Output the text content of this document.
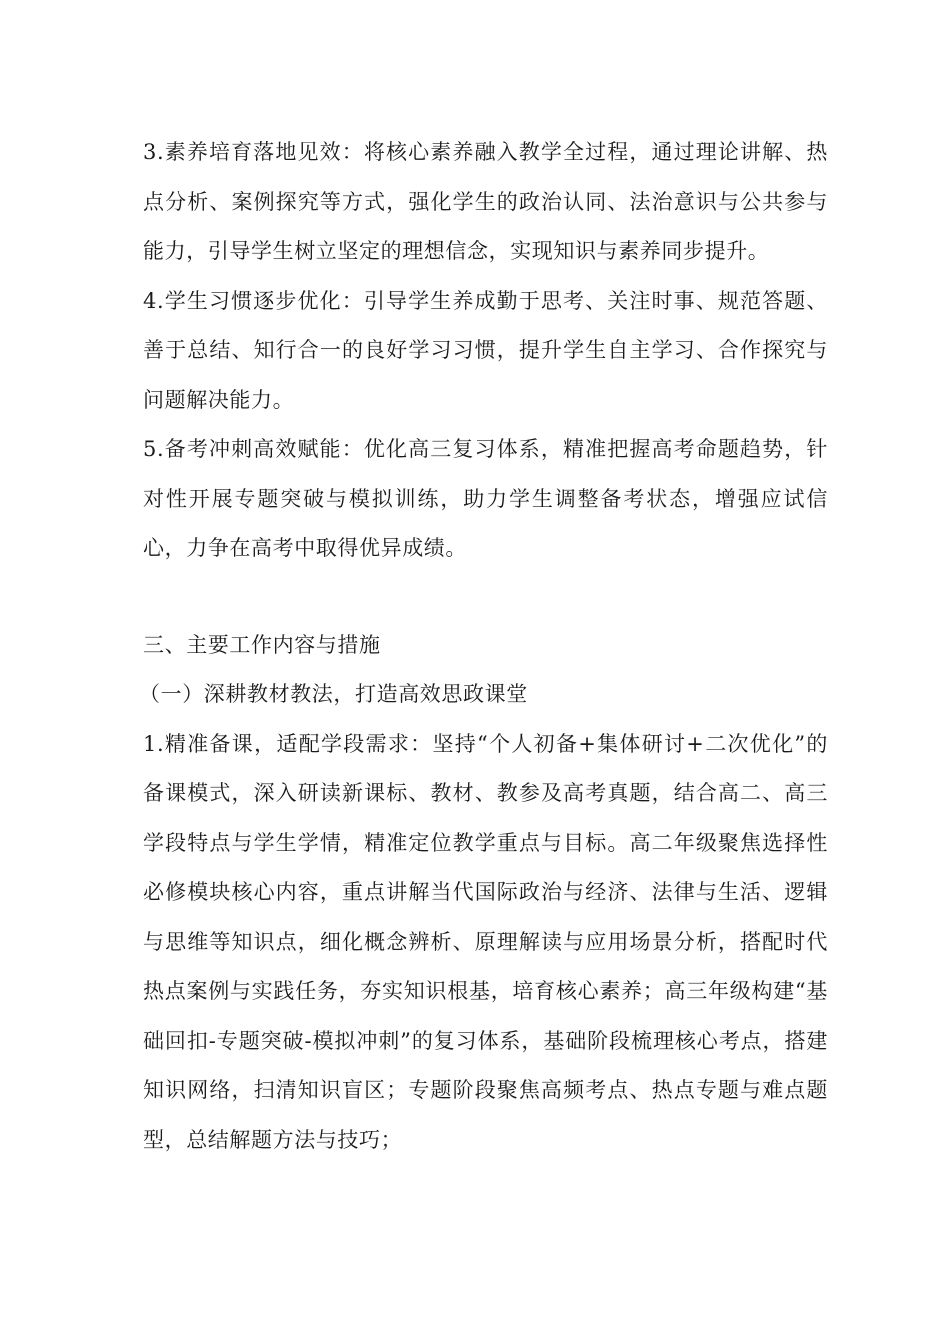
3.素养培育落地见效：将核心素养融入教学全过程，通过理论讲解、热点分析、案例探究等方式，强化学生的政治认同、法治意识与公共参与能力，引导学生树立坚定的理想信念，实现知识与素养同步提升。

4.学生习惯逐步优化：引导学生养成勤于思考、关注时事、规范答题、善于总结、知行合一的良好学习习惯，提升学生自主学习、合作探究与问题解决能力。

5.备考冲刺高效赋能：优化高三复习体系，精准把握高考命题趋势，针对性开展专题突破与模拟训练，助力学生调整备考状态，增强应试信心，力争在高考中取得优异成绩。

三、主要工作内容与措施

（一）深耕教材教法，打造高效思政课堂

1.精准备课，适配学段需求：坚持“个人初备+集体研讨+二次优化”的备课模式，深入研读新课标、教材、教参及高考真题，结合高二、高三学段特点与学生学情，精准定位教学重点与目标。高二年级聚焦选择性必修模块核心内容，重点讲解当代国际政治与经济、法律与生活、逻辑与思维等知识点，细化概念辨析、原理解读与应用场景分析，搭配时代热点案例与实践任务，夯实知识根基，培育核心素养；高三年级构建“基础回扣-专题突破-模拟冲刺”的复习体系，基础阶段梳理核心考点，搭建知识网络，扫清知识盲区；专题阶段聚焦高频考点、热点专题与难点题型，总结解题方法与技巧；
